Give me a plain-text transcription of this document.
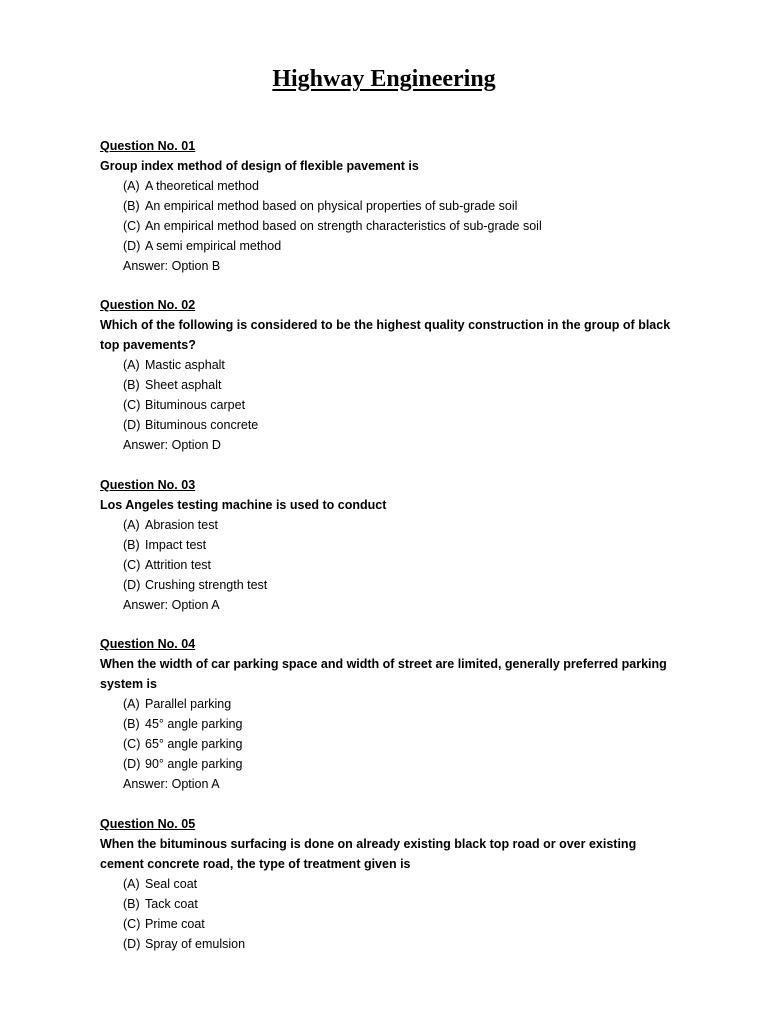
Highway Engineering
Question No. 01
Group index method of design of flexible pavement is
(A) A theoretical method
(B) An empirical method based on physical properties of sub-grade soil
(C) An empirical method based on strength characteristics of sub-grade soil
(D) A semi empirical method
Answer: Option B
Question No. 02
Which of the following is considered to be the highest quality construction in the group of black top pavements?
(A) Mastic asphalt
(B) Sheet asphalt
(C) Bituminous carpet
(D) Bituminous concrete
Answer: Option D
Question No. 03
Los Angeles testing machine is used to conduct
(A) Abrasion test
(B) Impact test
(C) Attrition test
(D) Crushing strength test
Answer: Option A
Question No. 04
When the width of car parking space and width of street are limited, generally preferred parking system is
(A) Parallel parking
(B) 45° angle parking
(C) 65° angle parking
(D) 90° angle parking
Answer: Option A
Question No. 05
When the bituminous surfacing is done on already existing black top road or over existing cement concrete road, the type of treatment given is
(A) Seal coat
(B) Tack coat
(C) Prime coat
(D) Spray of emulsion
